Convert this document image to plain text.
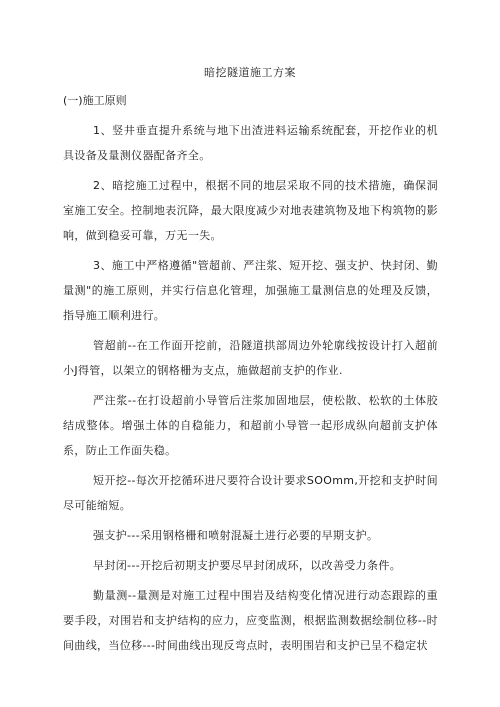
暗挖隧道施工方案
(一)施工原则

1、竖井垂直提升系统与地下出渣进料运输系统配套，开挖作业的机具设备及量测仪器配备齐全。

2、暗挖施工过程中，根据不同的地层采取不同的技术措施，确保洞室施工安全。控制地表沉降，最大限度减少对地表建筑物及地下构筑物的影响，做到稳妥可靠，万无一失。

3、施工中严格遵循"管超前、严注浆、短开挖、强支护、快封闭、勤量测"的施工原则，并实行信息化管理，加强施工量测信息的处理及反馈，指导施工顺利进行。

管超前--在工作面开挖前，沿隧道拱部周边外轮廓线按设计打入超前小J得管，以架立的钢格栅为支点，施做超前支护的作业.

严注浆--在打设超前小导管后注浆加固地层，使松散、松软的土体胶结成整体。增强土体的自稳能力，和超前小导管一起形成纵向超前支护体系，防止工作面失稳。

短开挖--每次开挖循环进尺要符合设计要求SOOmm,开挖和支护时间尽可能缩短。

强支护---采用钢格栅和喷射混凝土进行必要的早期支护。

早封闭---开挖后初期支护要尽早封闭成环，以改善受力条件。

勤量测--量测是对施工过程中围岩及结构变化情况进行动态跟踪的重要手段，对围岩和支护结构的应力，应变监测，根据监测数据绘制位移--时间曲线，当位移---时间曲线出现反弯点时，表明围岩和支护已呈不稳定状
